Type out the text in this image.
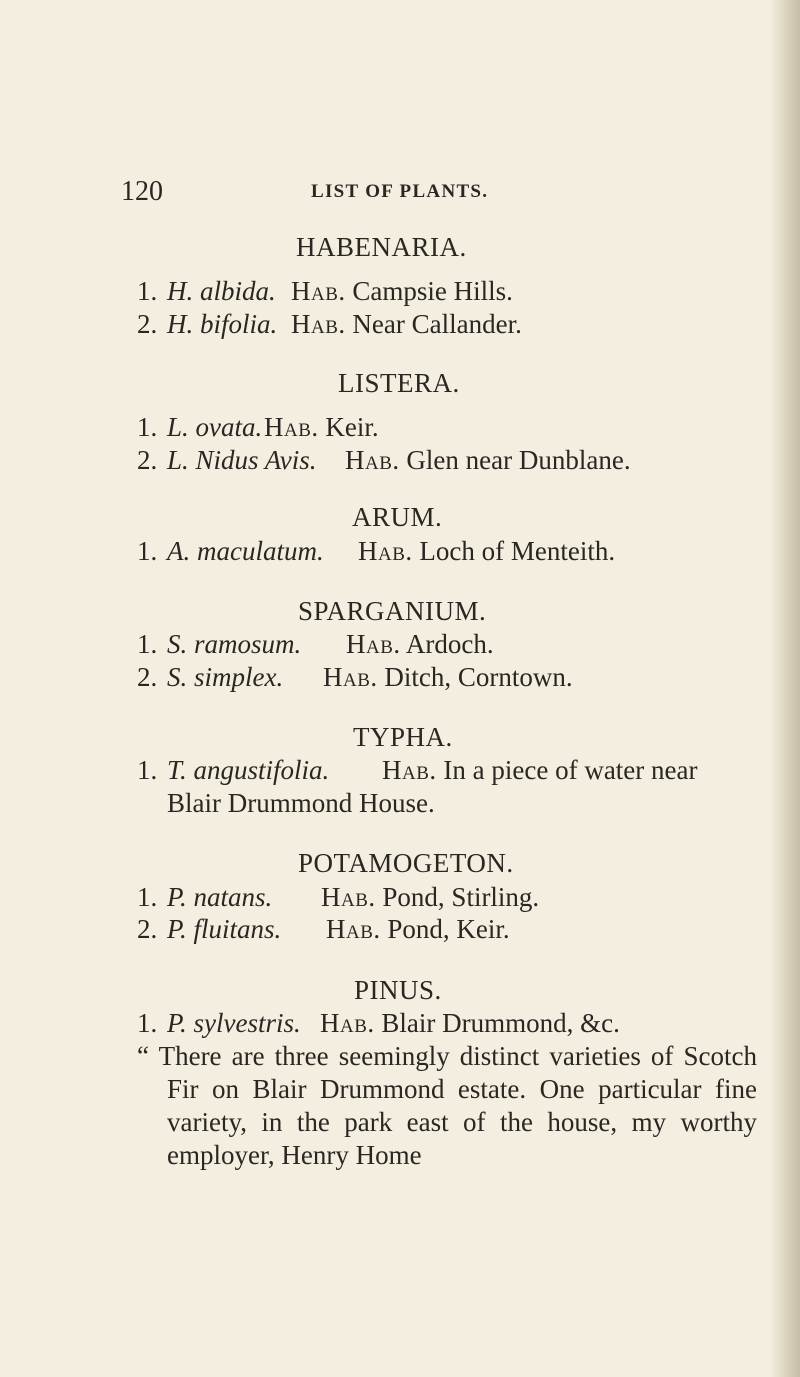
120	LIST OF PLANTS.
HABENARIA.
1. H. albida. Hab. Campsie Hills.
2. H. bifolia. Hab. Near Callander.
LISTERA.
1. L. ovata. Hab. Keir.
2. L. Nidus Avis. Hab. Glen near Dunblane.
ARUM.
1. A. maculatum. Hab. Loch of Menteith.
SPARGANIUM.
1. S. ramosum. Hab. Ardoch.
2. S. simplex. Hab. Ditch, Corntown.
TYPHA.
1. T. angustifolia. Hab. In a piece of water near
Blair Drummond House.
POTAMOGETON.
1. P. natans. Hab. Pond, Stirling.
2. P. fluitans. Hab. Pond, Keir.
PINUS.
1. P. sylvestris. Hab. Blair Drummond, &c.

“ There are three seemingly distinct varieties of Scotch Fir on Blair Drummond estate. One particular fine variety, in the park east of the house, my worthy employer, Henry Home
